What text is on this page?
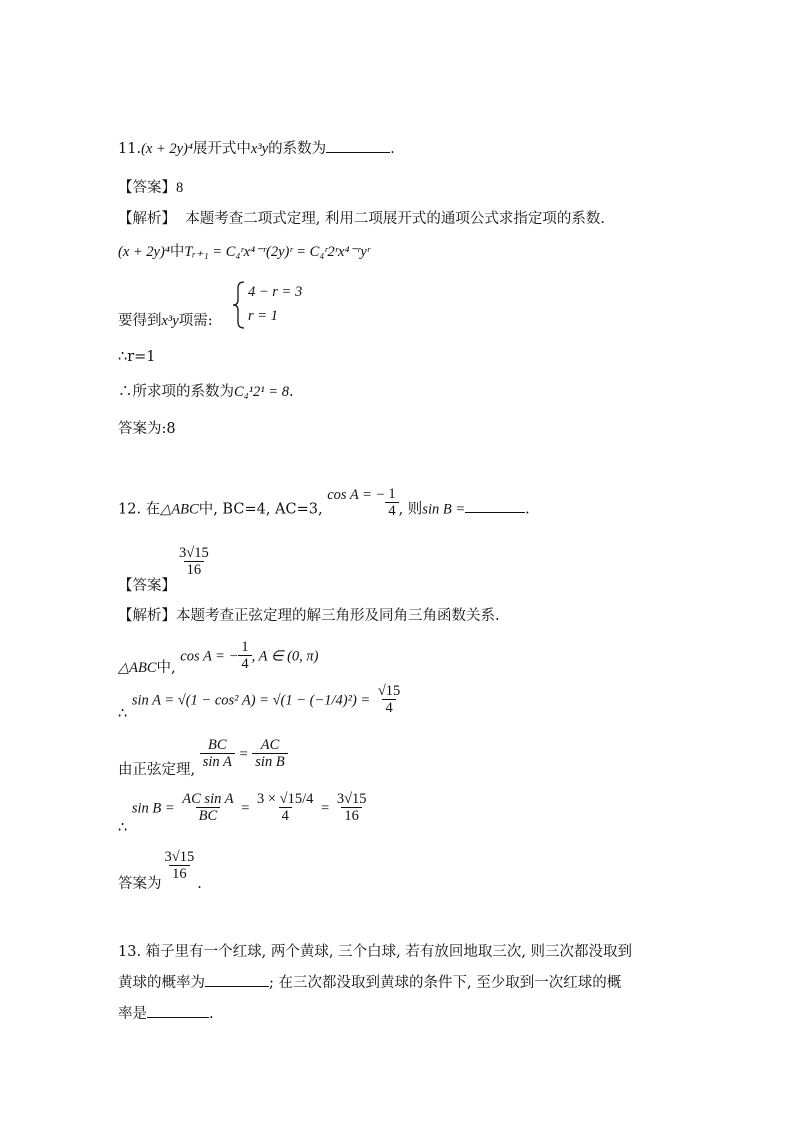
11.(x + 2y)⁴展开式中x³y的系数为	.
【答案】8
【解析】 本题考查二项式定理, 利用二项展开式的通项公式求指定项的系数.
(x + 2y)⁴中Tᵣ₊₁ = C₄ʳx⁴⁻ʳ(2y)ʳ = C₄ʳ2ʳx⁴⁻ʳyʳ
要得到x³y项需:
4 − r = 3
r = 1
∴r=1
∴所求项的系数为C₄¹2¹ = 8.
答案为:8
12. 在△ABC中, BC=4, AC=3, cos A = − $\frac{1}{4}$ , 则sin B =	.
【答案】
$\frac{3√15}{16}$
【解析】本题考查正弦定理的解三角形及同角三角函数关系.
△ABC中, cos A = − $\frac{1}{4}$ , A ∈ (0, π)
∴ sin A = √(1 − cos² $A) = √(1 - (-1/4)^2) = \frac{√15}{4}$
由正弦定理, $\frac{BC}{\text{sin A}} = \frac{AC}{\text{sin B}}$
∴ $\sin B = \frac{\text{AC sin A}}{BC} = \frac{3 \times √15/4}{4} = \frac{3√15}{16}$
答案为
$\frac{3√15}{16}$
.
13. 箱子里有一个红球, 两个黄球, 三个白球, 若有放回地取三次, 则三次都没取到
黄球的概率为	; 在三次都没取到黄球的条件下, 至少取到一次红球的概
率是	.
